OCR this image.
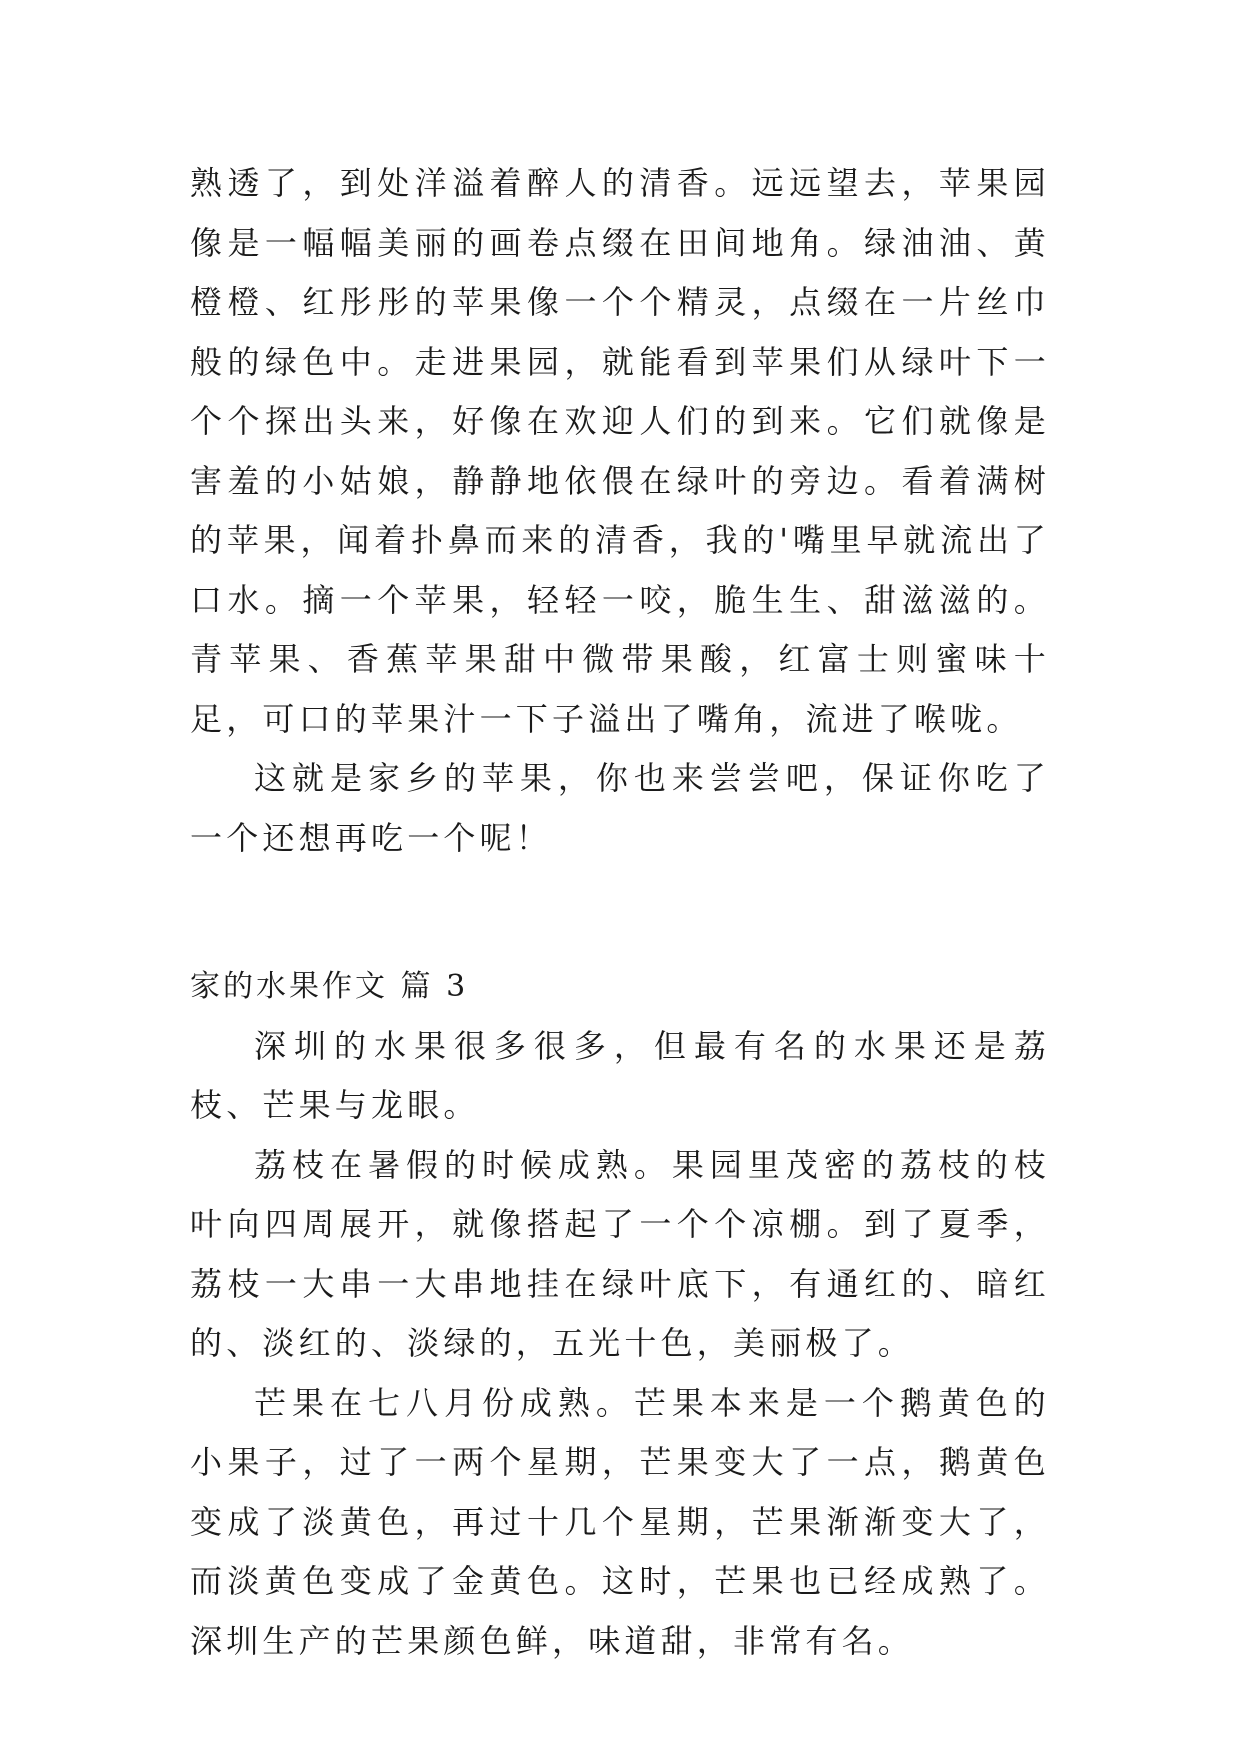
熟透了，到处洋溢着醉人的清香。远远望去，苹果园像是一幅幅美丽的画卷点缀在田间地角。绿油油、黄橙橙、红彤彤的苹果像一个个精灵，点缀在一片丝巾般的绿色中。走进果园，就能看到苹果们从绿叶下一个个探出头来，好像在欢迎人们的到来。它们就像是害羞的小姑娘，静静地依偎在绿叶的旁边。看着满树的苹果，闻着扑鼻而来的清香，我的'嘴里早就流出了口水。摘一个苹果，轻轻一咬，脆生生、甜滋滋的。青苹果、香蕉苹果甜中微带果酸，红富士则蜜味十足，可口的苹果汁一下子溢出了嘴角，流进了喉咙。

这就是家乡的苹果，你也来尝尝吧，保证你吃了一个还想再吃一个呢！

家的水果作文 篇 3

深圳的水果很多很多，但最有名的水果还是荔枝、芒果与龙眼。

荔枝在暑假的时候成熟。果园里茂密的荔枝的枝叶向四周展开，就像搭起了一个个凉棚。到了夏季，荔枝一大串一大串地挂在绿叶底下，有通红的、暗红的、淡红的、淡绿的，五光十色，美丽极了。

芒果在七八月份成熟。芒果本来是一个鹅黄色的小果子，过了一两个星期，芒果变大了一点，鹅黄色变成了淡黄色，再过十几个星期，芒果渐渐变大了，而淡黄色变成了金黄色。这时，芒果也已经成熟了。深圳生产的芒果颜色鲜，味道甜，非常有名。
